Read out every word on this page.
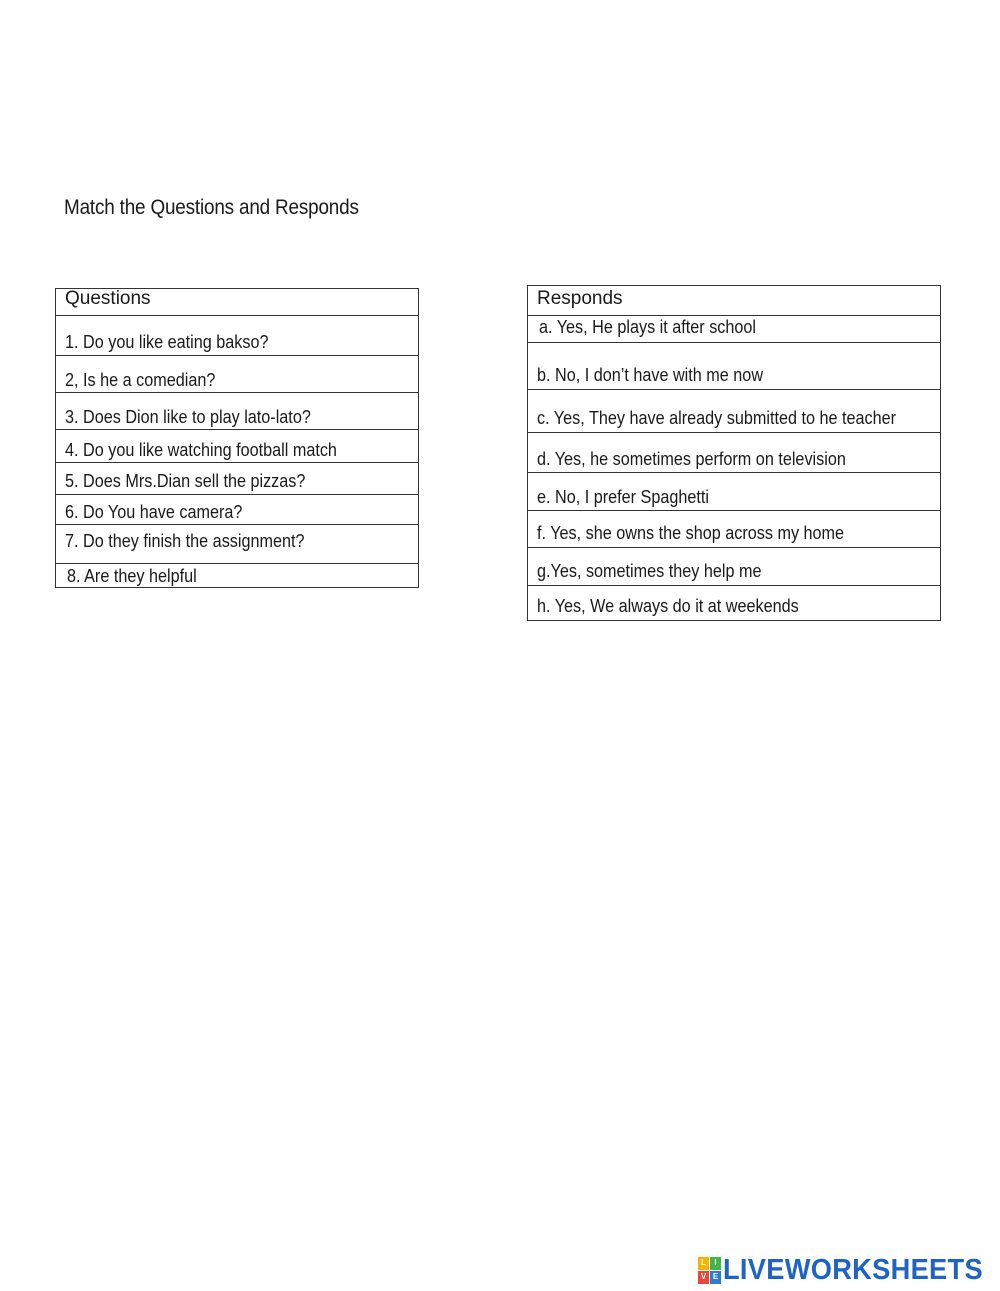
Match the Questions and Responds
Questions
1. Do you like eating bakso?
2, Is he a comedian?
3. Does Dion like to play lato-lato?
4. Do you like watching football match
5. Does Mrs.Dian sell the pizzas?
6. Do You have camera?
7. Do they finish the assignment?
8. Are they helpful
Responds
a. Yes, He plays it after school
b. No, I don’t have with me now
c. Yes, They have already submitted to he teacher
d. Yes, he sometimes perform on television
e. No, I prefer Spaghetti
f. Yes, she owns the shop across my home
g.Yes, sometimes they help me
h. Yes, We always do it at weekends
L	I
V E LIVEWORKSHEETS
